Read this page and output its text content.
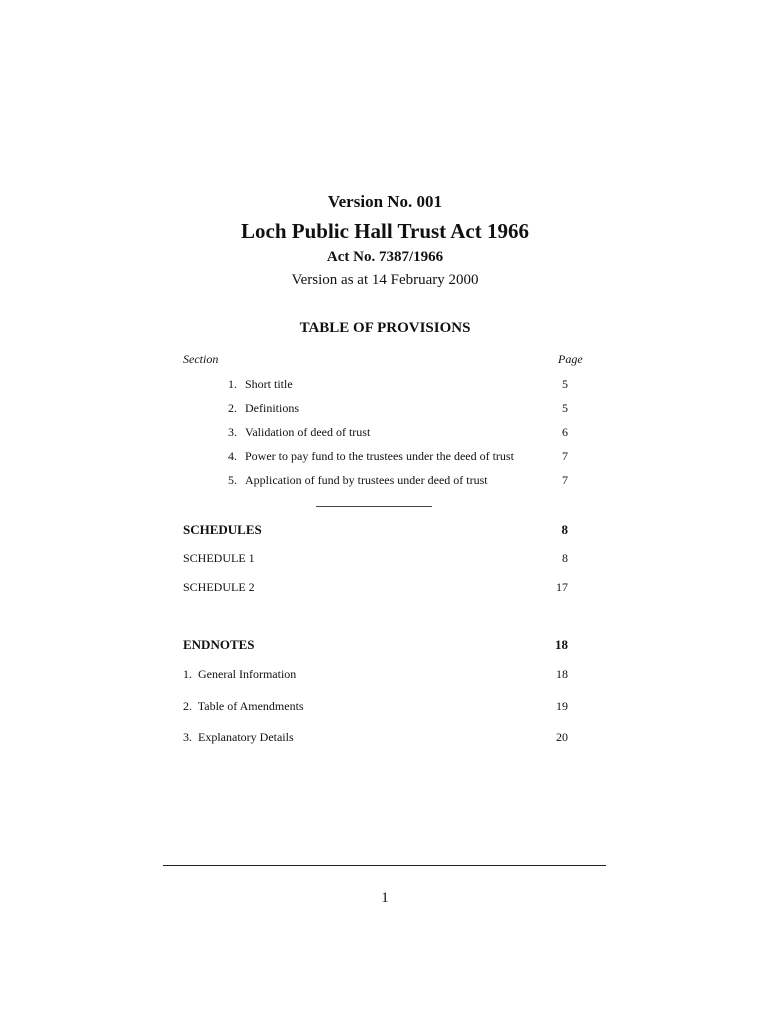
Version No. 001
Loch Public Hall Trust Act 1966
Act No. 7387/1966
Version as at 14 February 2000
TABLE OF PROVISIONS
Section	Page
1. Short title	5
2. Definitions	5
3. Validation of deed of trust	6
4. Power to pay fund to the trustees under the deed of trust	7
5. Application of fund by trustees under deed of trust	7
SCHEDULES	8
SCHEDULE 1	8
SCHEDULE 2	17
ENDNOTES	18
1.  General Information	18
2.  Table of Amendments	19
3.  Explanatory Details	20
1
